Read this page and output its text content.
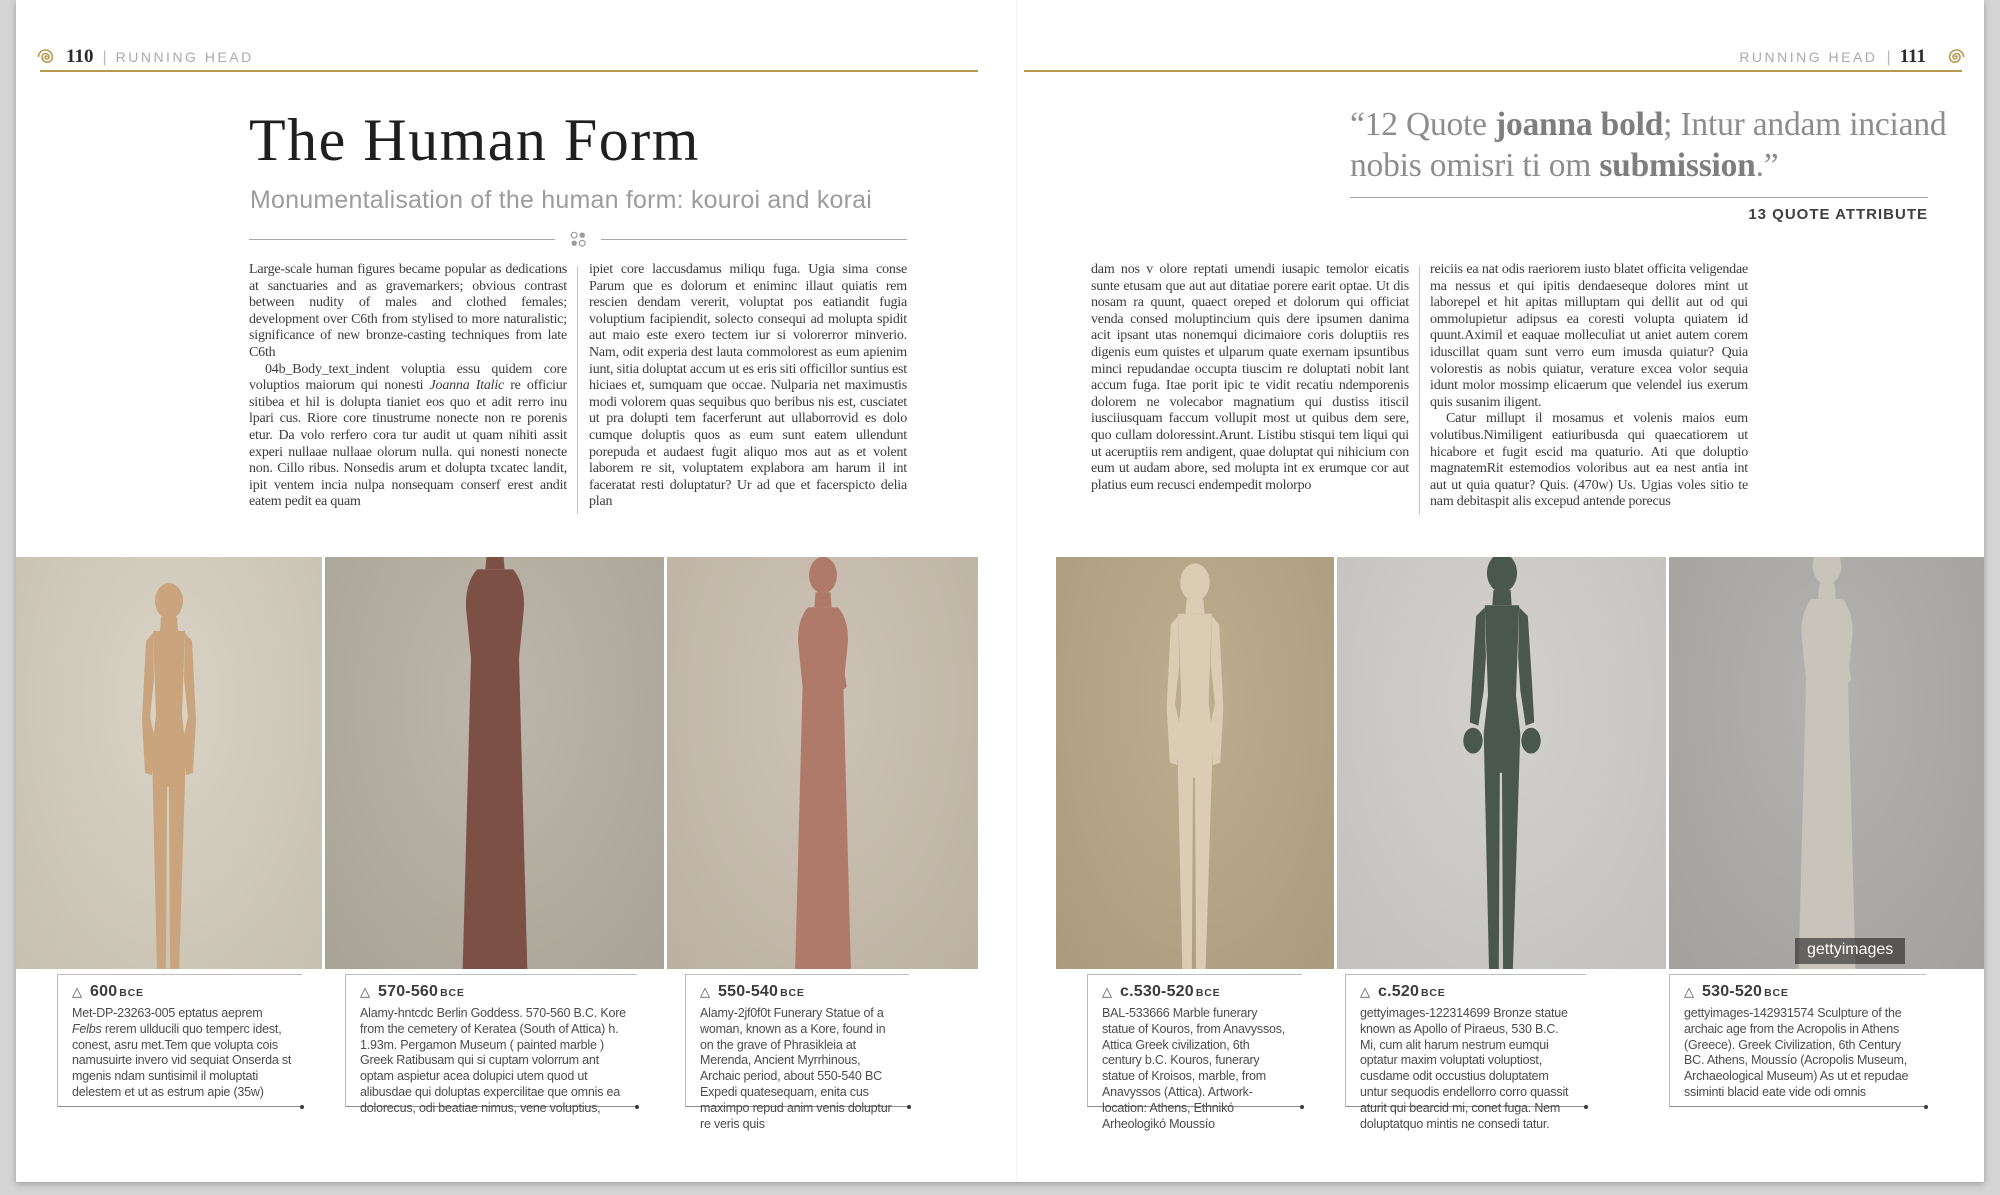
110 | RUNNING HEAD	RUNNING HEAD | 111
The Human Form
Monumentalisation of the human form: kouroi and korai

Large-scale human figures became popular as dedications at sanctuaries and as gravemarkers; obvious contrast between nudity of males and clothed females; development over C6th from stylised to more naturalistic; significance of new bronze-casting techniques from late C6th

04b_Body_text_indent voluptia essu quidem core voluptios maiorum qui nonesti Joanna Italic re officiur sitibea et hil is dolupta tianiet eos quo et adit rerro inu lpari cus. Riore core tinustrume nonecte non re porenis etur. Da volo rerfero cora tur audit ut quam nihiti assit experi nullaae nullaae olorum nulla. qui nonesti nonecte non. Cillo ribus. Nonsedis arum et dolupta txcatec landit, ipit ventem incia nulpa nonsequam conserf erest andit eatem pedit ea quam

ipiet core laccusdamus miliqu fuga. Ugia sima conse Parum que es dolorum et eniminc illaut quiatis rem rescien dendam vererit, voluptat pos eatiandit fugia voluptium facipiendit, solecto consequi ad molupta spidit aut maio este exero tectem iur si volorerror minverio. Nam, odit experia dest lauta commolorest as eum apienim iunt, sitia doluptat accum ut es eris siti officillor suntius est hiciaes et, sumquam que occae. Nulparia net maximustis modi volorem quas sequibus quo beribus nis est, cusciatet ut pra dolupti tem facerferunt aut ullaborrovid es dolo cumque doluptis quos as eum sunt eatem ullendunt porepuda et audaest fugit aliquo mos aut as et volent laborem re sit, voluptatem explabora am harum il int faceratat resti doluptatur? Ur ad que et facerspicto delia plan

dam nos v olore reptati umendi iusapic temolor eicatis sunte etusam que aut aut ditatiae porere earit optae. Ut dis nosam ra quunt, quaect oreped et dolorum qui officiat venda consed moluptincium quis dere ipsumen danima acit ipsant utas nonemqui dicimaiore coris doluptiis res digenis eum quistes et ulparum quate exernam ipsuntibus minci repudandae occupta tiuscim re doluptati nobit lant accum fuga. Itae porit ipic te vidit recatiu ndemporenis dolorem ne volecabor magnatium qui dustiss itiscil iusciiusquam faccum vollupit most ut quibus dem sere, quo cullam doloressint.Arunt. Listibu stisqui tem liqui qui ut aceruptiis rem andigent, quae doluptat qui nihicium con eum ut audam abore, sed molupta int ex erumque cor aut platius eum recusci endempedit molorpo

reiciis ea nat odis raeriorem iusto blatet officita veligendae ma nessus et qui ipitis dendaeseque dolores mint ut laborepel et hit apitas milluptam qui dellit aut od qui ommolupietur adipsus ea coresti volupta quiatem id quunt.Aximil et eaquae molleculiat ut aniet autem corem iduscillat quam sunt verro eum imusda quiatur? Quia volorestis as nobis quiatur, verature excea volor sequia idunt molor mossimp elicaerum que velendel ius exerum quis susanim iligent.

Catur millupt il mosamus et volenis maios eum volutibus.Nimiligent eatiuribusda qui quaecatiorem ut hicabore et fugit escid ma quaturio. Ati que doluptio magnatemRit estemodios voloribus aut ea nest antia int aut ut quia quatur? Quis. (470w) Us. Ugias voles sitio te nam debitaspit alis excepud antende porecus

“12 Quote joanna bold; Intur andam inciand nobis omisri ti om submission.”
13 QUOTE ATTRIBUTE
gettyimages
△ 600 BCE
Met-DP-23263-005 eptatus aeprem Felbs rerem ullducili quo temperc idest, conest, asru met.Tem que volupta cois namusuirte invero vid sequiat Onserda st mgenis ndam suntisimil il moluptati delestem et ut as estrum apie (35w)
△ 570-560 BCE
Alamy-hntcdc Berlin Goddess. 570-560 B.C. Kore from the cemetery of Keratea (South of Attica) h. 1.93m. Pergamon Museum ( painted marble ) Greek Ratibusam qui si cuptam volorrum ant optam aspietur acea dolupici utem quod ut alibusdae qui doluptas expercilitae que omnis ea dolorecus, odi beatiae nimus, vene voluptius,
△ 550-540 BCE
Alamy-2jf0f0t Funerary Statue of a woman, known as a Kore, found in on the grave of Phrasikleia at Merenda, Ancient Myrrhinous, Archaic period, about 550-540 BC Expedi quatesequam, enita cus maximpo repud anim venis doluptur re veris quis
△ c.530-520 BCE
BAL-533666 Marble funerary statue of Kouros, from Anavyssos, Attica Greek civilization, 6th century b.C. Kouros, funerary statue of Kroisos, marble, from Anavyssos (Attica). Artwork-location: Athens, Ethnikó Arheologikó Moussío
△ c.520 BCE
gettyimages-122314699 Bronze statue known as Apollo of Piraeus, 530 B.C. Mi, cum alit harum nestrum eumqui optatur maxim voluptati voluptiost, cusdame odit occustius doluptatem untur sequodis endellorro corro quassit aturit qui bearcid mi, conet fuga. Nem doluptatquo mintis ne consedi tatur.
△ 530-520 BCE
gettyimages-142931574 Sculpture of the archaic age from the Acropolis in Athens (Greece). Greek Civilization, 6th Century BC. Athens, Moussío (Acropolis Museum, Archaeological Museum) As ut et repudae ssiminti blacid eate vide odi omnis
